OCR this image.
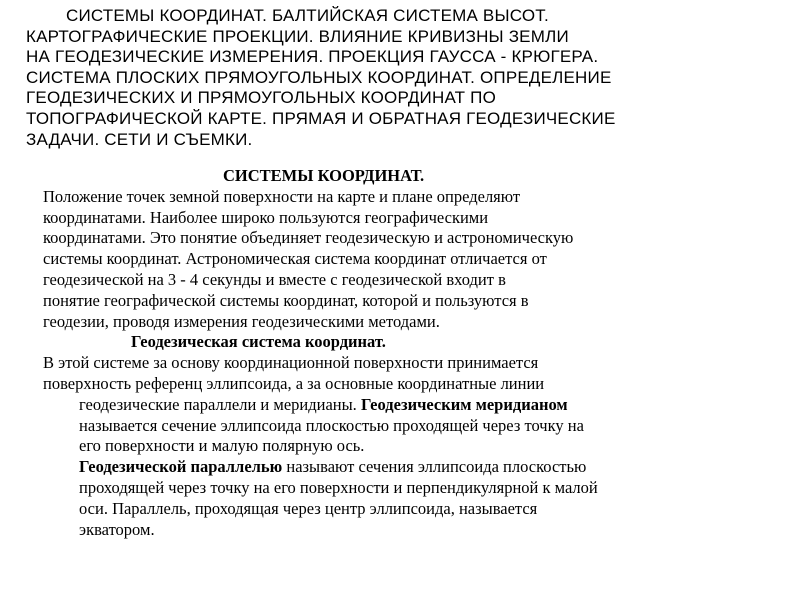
СИСТЕМЫ КООРДИНАТ. БАЛТИЙСКАЯ СИСТЕМА ВЫСОТ.
КАРТОГРАФИЧЕСКИЕ ПРОЕКЦИИ. ВЛИЯНИЕ КРИВИЗНЫ ЗЕМЛИ
НА ГЕОДЕЗИЧЕСКИЕ ИЗМЕРЕНИЯ. ПРОЕКЦИЯ ГАУССА - КРЮГЕРА.
СИСТЕМА ПЛОСКИХ ПРЯМОУГОЛЬНЫХ КООРДИНАТ. ОПРЕДЕЛЕНИЕ
ГЕОДЕЗИЧЕСКИХ И ПРЯМОУГОЛЬНЫХ КООРДИНАТ ПО
ТОПОГРАФИЧЕСКОЙ КАРТЕ. ПРЯМАЯ И ОБРАТНАЯ ГЕОДЕЗИЧЕСКИЕ
ЗАДАЧИ. СЕТИ И СЪЕМКИ.
СИСТЕМЫ КООРДИНАТ.
Положение точек земной поверхности на карте и плане определяют
координатами. Наиболее широко пользуются географическими
координатами. Это понятие объединяет геодезическую и астрономическую
системы координат. Астрономическая система координат отличается от
геодезической на 3 - 4 секунды и вместе с геодезической входит в
понятие географической системы координат, которой и пользуются в
геодезии, проводя измерения геодезическими методами.
Геодезическая система координат.
В этой системе за основу координационной поверхности принимается
поверхность референц эллипсоида, а за основные координатные линии
геодезические параллели и меридианы. Геодезическим меридианом
называется сечение эллипсоида плоскостью проходящей через точку на
его поверхности и малую полярную ось.
Геодезической параллелью называют сечения эллипсоида плоскостью
проходящей через точку на его поверхности и перпендикулярной к малой
оси. Параллель, проходящая через центр эллипсоида, называется
экватором.
